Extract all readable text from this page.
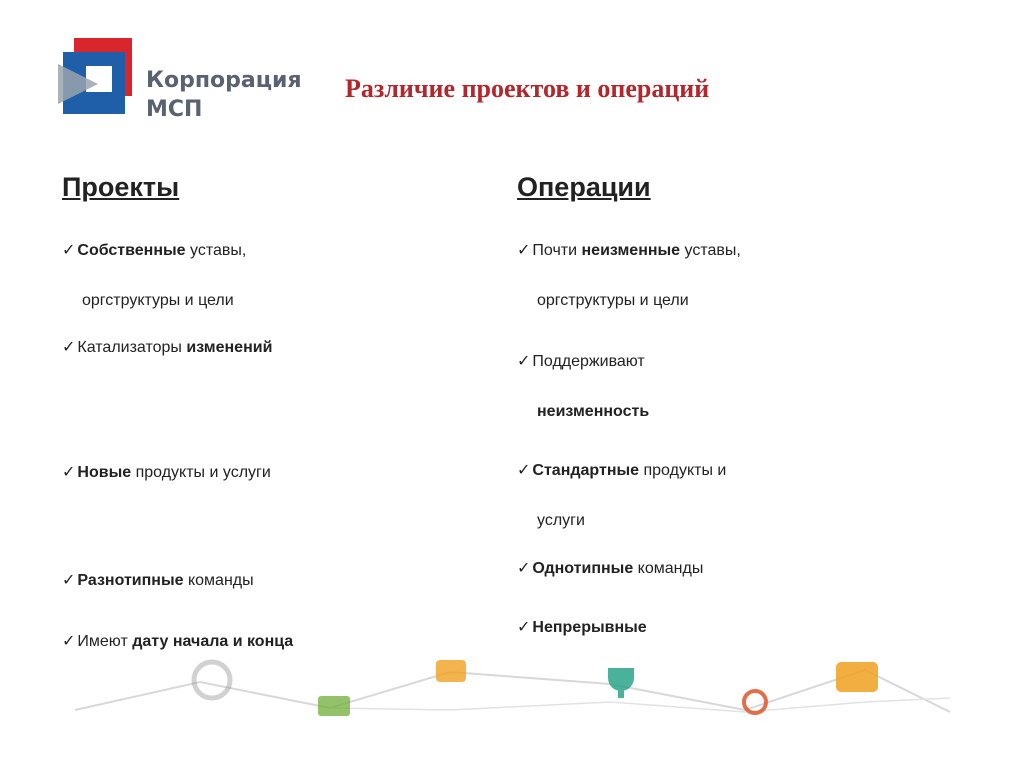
Корпорация
МСП
Различие проектов и операций
Проекты
✓ Собственные уставы,
оргструктуры и цели
✓ Катализаторы изменений
✓ Новые продукты и услуги
✓ Разнотипные команды
✓ Имеют дату начала и конца
Операции
✓ Почти неизменные уставы,
оргструктуры и цели
✓ Поддерживают
неизменность
✓ Стандартные продукты и
услуги
✓ Однотипные команды
✓ Непрерывные
